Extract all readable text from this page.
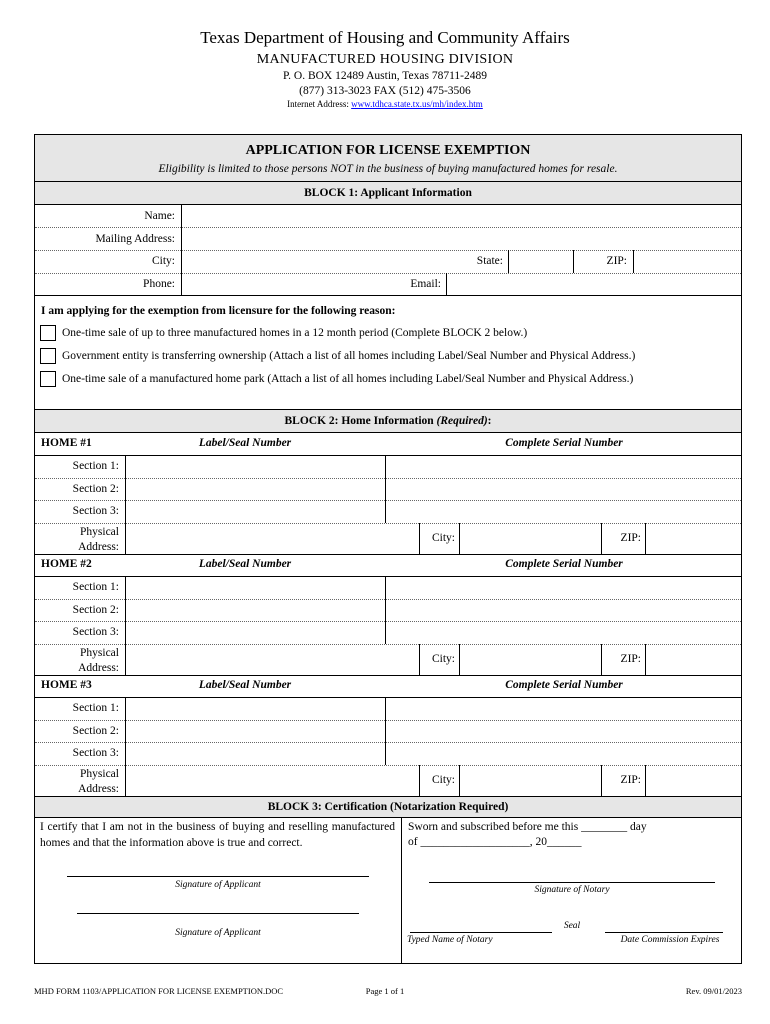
Texas Department of Housing and Community Affairs
MANUFACTURED HOUSING DIVISION
P. O. BOX 12489 Austin, Texas 78711-2489
(877) 313-3023 FAX (512) 475-3506
Internet Address: www.tdhca.state.tx.us/mh/index.htm
APPLICATION FOR LICENSE EXEMPTION
Eligibility is limited to those persons NOT in the business of buying manufactured homes for resale.
BLOCK 1: Applicant Information
Name:
Mailing Address:
City:	State:	ZIP:
Phone:	Email:
I am applying for the exemption from licensure for the following reason:
One-time sale of up to three manufactured homes in a 12 month period (Complete BLOCK 2 below.)
Government entity is transferring ownership (Attach a list of all homes including Label/Seal Number and Physical Address.)
One-time sale of a manufactured home park (Attach a list of all homes including Label/Seal Number and Physical Address.)
BLOCK 2: Home Information (Required):
HOME #1	Label/Seal Number	Complete Serial Number
Section 1:
Section 2:
Section 3:
Physical
Address:
City:	ZIP:
HOME #2	Label/Seal Number	Complete Serial Number
Section 1:
Section 2:
Section 3:
Physical
Address:
City:	ZIP:
HOME #3	Label/Seal Number	Complete Serial Number
Section 1:
Section 2:
Section 3:
Physical
Address:
City:	ZIP:
BLOCK 3: Certification (Notarization Required)
I certify that I am not in the business of buying and reselling manufactured homes and that the information above is true and correct.
Sworn and subscribed before me this ________ day
of ___________________, 20______
Signature of Applicant
Signature of Applicant
Signature of Notary
Seal
Typed Name of Notary	Date Commission Expires
MHD FORM 1103/APPLICATION FOR LICENSE EXEMPTION.DOC	Page 1 of 1	Rev. 09/01/2023
